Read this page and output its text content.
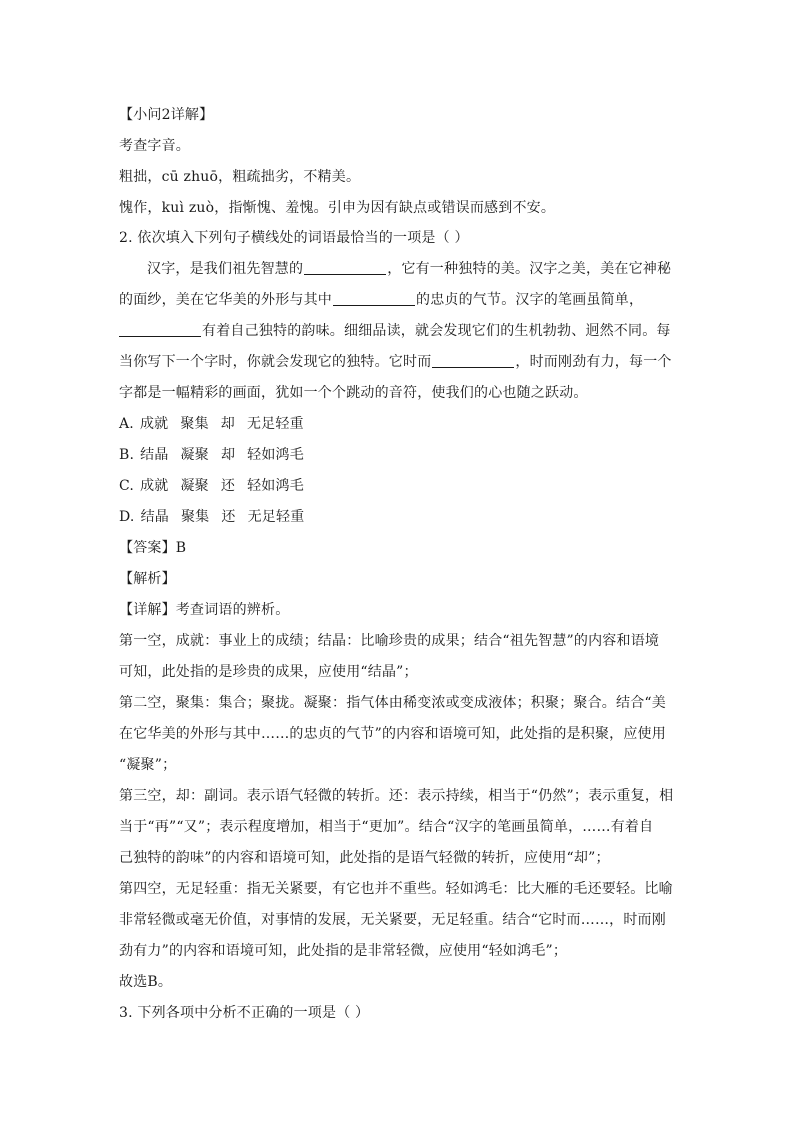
【小问2详解】
考查字音。
粗拙，cū zhuō，粗疏拙劣，不精美。
愧作，kuì zuò，指惭愧、羞愧。引申为因有缺点或错误而感到不安。
2. 依次填入下列句子横线处的词语最恰当的一项是（ ）
汉字，是我们祖先智慧的	，它有一种独特的美。汉字之美，美在它神秘
的面纱，美在它华美的外形与其中	的忠贞的气节。汉字的笔画虽简单，
有着自己独特的韵味。细细品读，就会发现它们的生机勃勃、迥然不同。每
当你写下一个字时，你就会发现它的独特。它时而	，时而刚劲有力，每一个
字都是一幅精彩的画面，犹如一个个跳动的音符，使我们的心也随之跃动。
A. 成就 聚集 却 无足轻重
B. 结晶 凝聚 却 轻如鸿毛
C. 成就 凝聚 还 轻如鸿毛
D. 结晶 聚集 还 无足轻重
【答案】B
【解析】
【详解】考查词语的辨析。
第一空，成就：事业上的成绩；结晶：比喻珍贵的成果；结合“祖先智慧”的内容和语境
可知，此处指的是珍贵的成果，应使用“结晶”；
第二空，聚集：集合；聚拢。凝聚：指气体由稀变浓或变成液体；积聚；聚合。结合“美
在它华美的外形与其中……的忠贞的气节”的内容和语境可知，此处指的是积聚，应使用
“凝聚”；
第三空，却：副词。表示语气轻微的转折。还：表示持续，相当于“仍然”；表示重复，相
当于“再”“又”；表示程度增加，相当于“更加”。结合“汉字的笔画虽简单，……有着自
己独特的韵味”的内容和语境可知，此处指的是语气轻微的转折，应使用“却”；
第四空，无足轻重：指无关紧要，有它也并不重些。轻如鸿毛：比大雁的毛还要轻。比喻
非常轻微或毫无价值，对事情的发展，无关紧要，无足轻重。结合“它时而……，时而刚
劲有力”的内容和语境可知，此处指的是非常轻微，应使用“轻如鸿毛”；
故选B。
3. 下列各项中分析不正确的一项是（ ）
